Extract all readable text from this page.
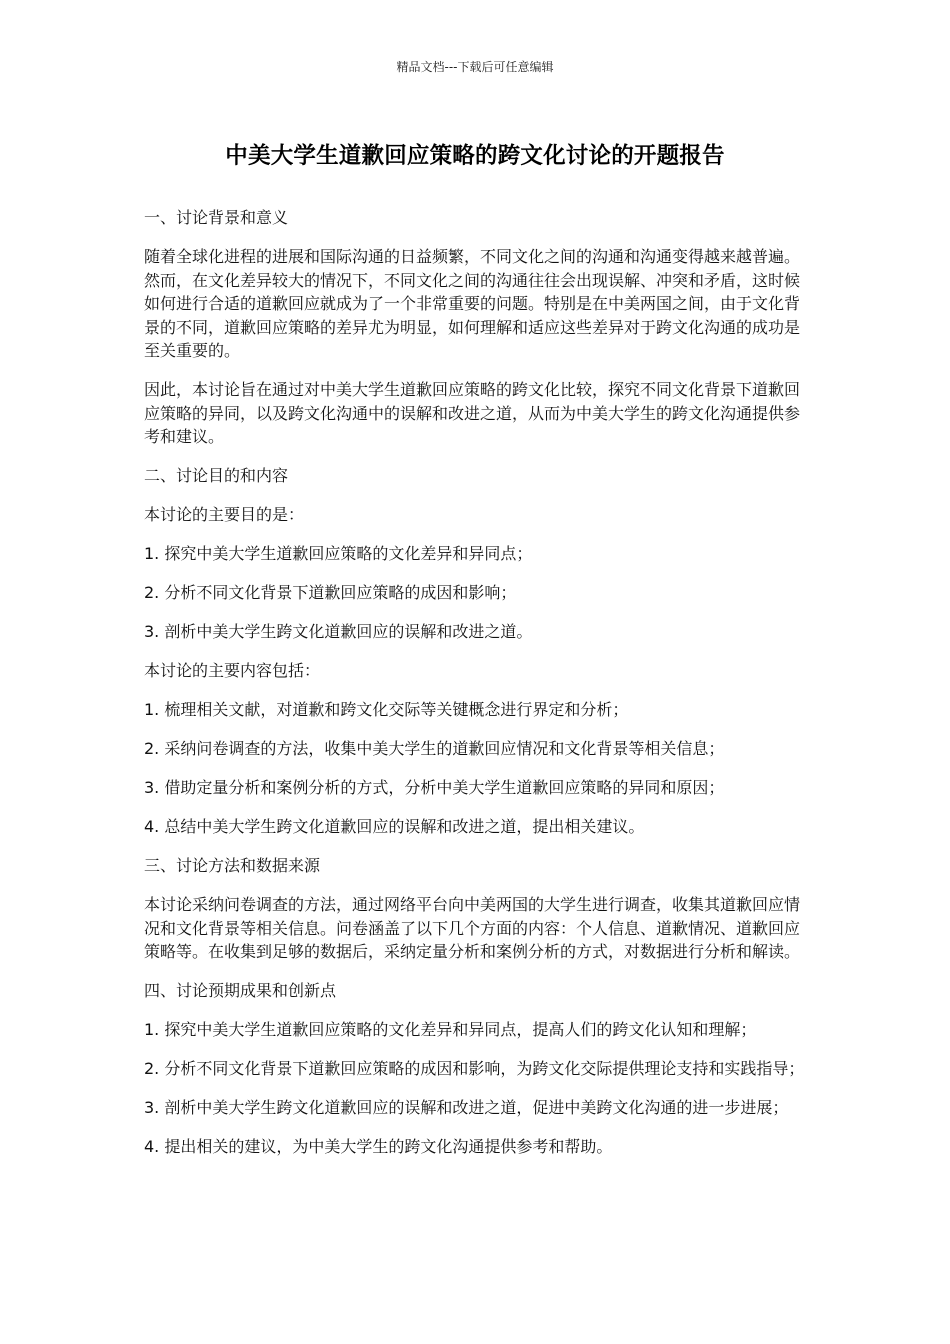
精品文档---下载后可任意编辑
中美大学生道歉回应策略的跨文化讨论的开题报告

一、讨论背景和意义

随着全球化进程的进展和国际沟通的日益频繁，不同文化之间的沟通和沟通变得越来越普遍。然而，在文化差异较大的情况下，不同文化之间的沟通往往会出现误解、冲突和矛盾，这时候如何进行合适的道歉回应就成为了一个非常重要的问题。特别是在中美两国之间，由于文化背景的不同，道歉回应策略的差异尤为明显，如何理解和适应这些差异对于跨文化沟通的成功是至关重要的。

因此，本讨论旨在通过对中美大学生道歉回应策略的跨文化比较，探究不同文化背景下道歉回应策略的异同，以及跨文化沟通中的误解和改进之道，从而为中美大学生的跨文化沟通提供参考和建议。

二、讨论目的和内容

本讨论的主要目的是：

1. 探究中美大学生道歉回应策略的文化差异和异同点；

2. 分析不同文化背景下道歉回应策略的成因和影响；

3. 剖析中美大学生跨文化道歉回应的误解和改进之道。

本讨论的主要内容包括：

1. 梳理相关文献，对道歉和跨文化交际等关键概念进行界定和分析；

2. 采纳问卷调查的方法，收集中美大学生的道歉回应情况和文化背景等相关信息；

3. 借助定量分析和案例分析的方式，分析中美大学生道歉回应策略的异同和原因；

4. 总结中美大学生跨文化道歉回应的误解和改进之道，提出相关建议。

三、讨论方法和数据来源

本讨论采纳问卷调查的方法，通过网络平台向中美两国的大学生进行调查，收集其道歉回应情况和文化背景等相关信息。问卷涵盖了以下几个方面的内容：个人信息、道歉情况、道歉回应策略等。在收集到足够的数据后，采纳定量分析和案例分析的方式，对数据进行分析和解读。

四、讨论预期成果和创新点

1. 探究中美大学生道歉回应策略的文化差异和异同点，提高人们的跨文化认知和理解；

2. 分析不同文化背景下道歉回应策略的成因和影响，为跨文化交际提供理论支持和实践指导；

3. 剖析中美大学生跨文化道歉回应的误解和改进之道，促进中美跨文化沟通的进一步进展；

4. 提出相关的建议，为中美大学生的跨文化沟通提供参考和帮助。
